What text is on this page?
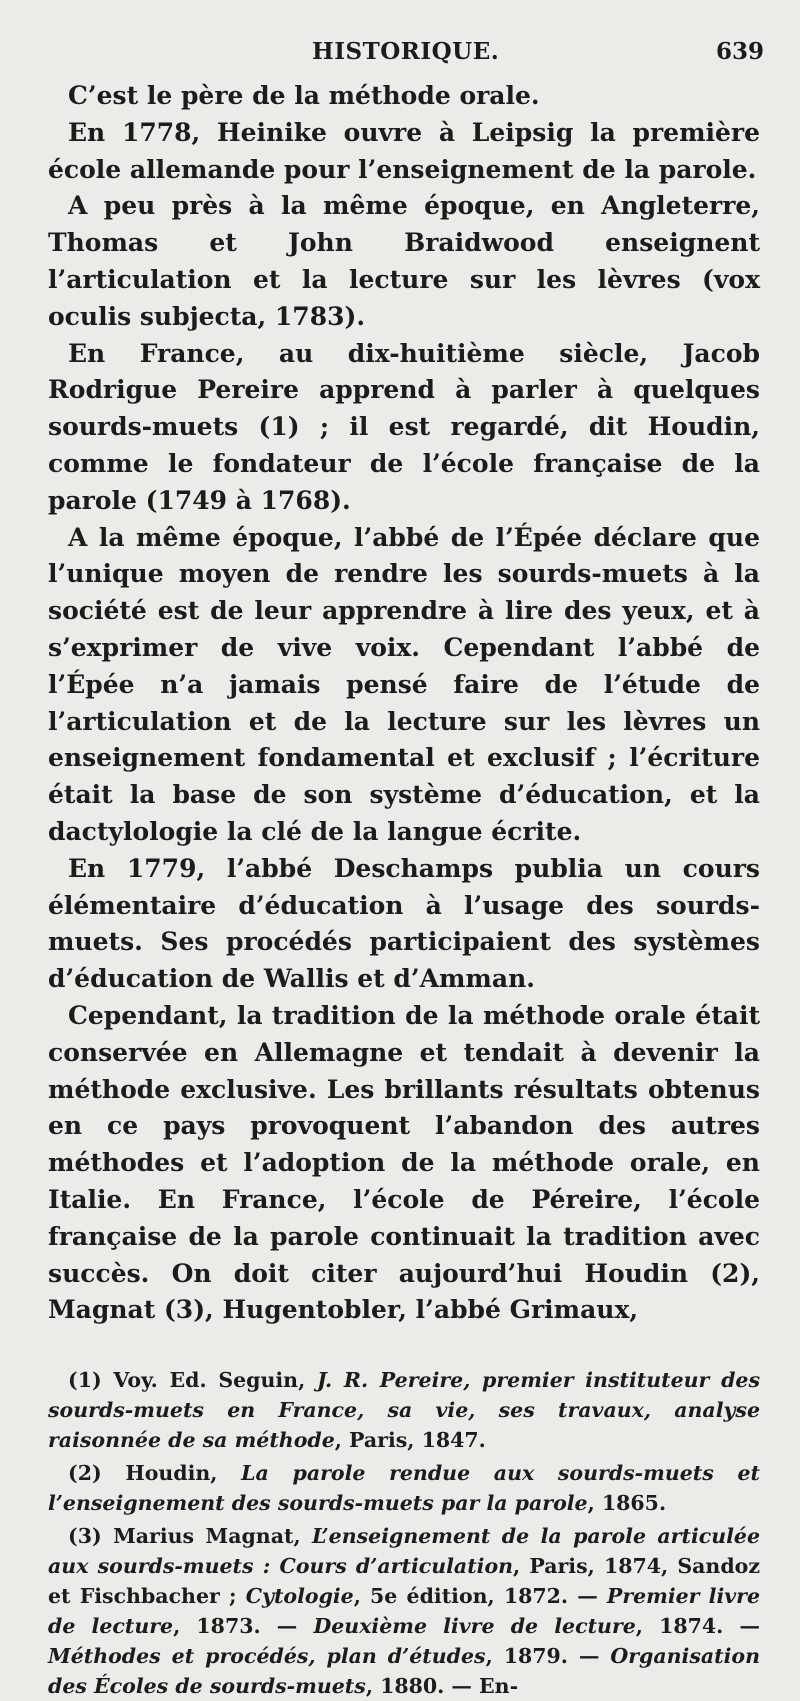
HISTORIQUE.	639

C’est le père de la méthode orale.

En 1778, Heinike ouvre à Leipsig la première école allemande pour l’enseignement de la parole.

A peu près à la même époque, en Angleterre, Thomas et John Braidwood enseignent l’articulation et la lecture sur les lèvres (vox oculis subjecta, 1783).

En France, au dix-huitième siècle, Jacob Rodrigue Pereire apprend à parler à quelques sourds-muets (1) ; il est regardé, dit Houdin, comme le fondateur de l’école française de la parole (1749 à 1768).

A la même époque, l’abbé de l’Épée déclare que l’unique moyen de rendre les sourds-muets à la société est de leur apprendre à lire des yeux, et à s’exprimer de vive voix. Cependant l’abbé de l’Épée n’a jamais pensé faire de l’étude de l’articulation et de la lecture sur les lèvres un enseignement fondamental et exclusif ; l’écriture était la base de son système d’éducation, et la dactylologie la clé de la langue écrite.

En 1779, l’abbé Deschamps publia un cours élémentaire d’éducation à l’usage des sourds-muets. Ses procédés participaient des systèmes d’éducation de Wallis et d’Amman.

Cependant, la tradition de la méthode orale était conservée en Allemagne et tendait à devenir la méthode exclusive. Les brillants résultats obtenus en ce pays provoquent l’abandon des autres méthodes et l’adoption de la méthode orale, en Italie. En France, l’école de Péreire, l’école française de la parole continuait la tradition avec succès. On doit citer aujourd’hui Houdin (2), Magnat (3), Hugentobler, l’abbé Grimaux,

(1) Voy. Ed. Seguin, J. R. Pereire, premier instituteur des sourds-muets en France, sa vie, ses travaux, analyse raisonnée de sa méthode, Paris, 1847.

(2) Houdin, La parole rendue aux sourds-muets et l’enseignement des sourds-muets par la parole, 1865.

(3) Marius Magnat, L’enseignement de la parole articulée aux sourds-muets : Cours d’articulation, Paris, 1874, Sandoz et Fischbacher ; Cytologie, 5e édition, 1872. — Premier livre de lecture, 1873. — Deuxième livre de lecture, 1874. — Méthodes et procédés, plan d’études, 1879. — Organisation des Écoles de sourds-muets, 1880. — En-
